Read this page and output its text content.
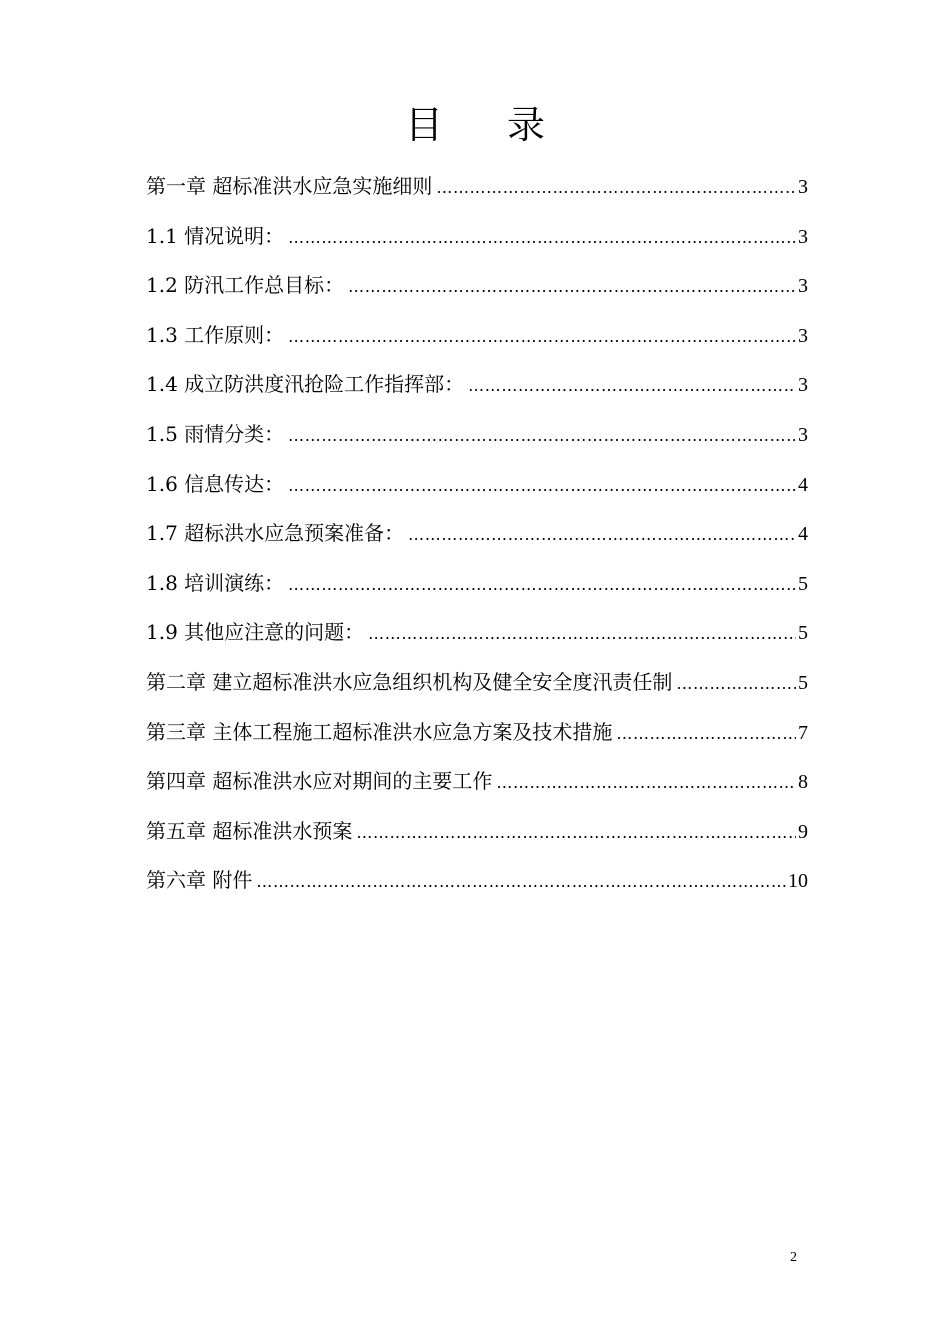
目 录
第一章 超标准洪水应急实施细则 ………………………………………………………………………………………………………………………………………………	3
1.1 情况说明： ………………………………………………………………………………………………………………………………………………	3
1.2 防汛工作总目标： ………………………………………………………………………………………………………………………………………………	3
1.3 工作原则： ………………………………………………………………………………………………………………………………………………	3
1.4 成立防洪度汛抢险工作指挥部： ………………………………………………………………………………………………………………………………………………	3
1.5 雨情分类： ………………………………………………………………………………………………………………………………………………	3
1.6 信息传达： ………………………………………………………………………………………………………………………………………………	4
1.7 超标洪水应急预案准备： ………………………………………………………………………………………………………………………………………………	4
1.8 培训演练： ………………………………………………………………………………………………………………………………………………	5
1.9 其他应注意的问题： ………………………………………………………………………………………………………………………………………………	5
第二章 建立超标准洪水应急组织机构及健全安全度汛责任制 ………………………………………………………………………………………………………………………………………………	5
第三章 主体工程施工超标准洪水应急方案及技术措施 ………………………………………………………………………………………………………………………………………………	7
第四章 超标准洪水应对期间的主要工作 ………………………………………………………………………………………………………………………………………………	8
第五章 超标准洪水预案 ………………………………………………………………………………………………………………………………………………	9
第六章 附件 ………………………………………………………………………………………………………………………………………………	10
2
